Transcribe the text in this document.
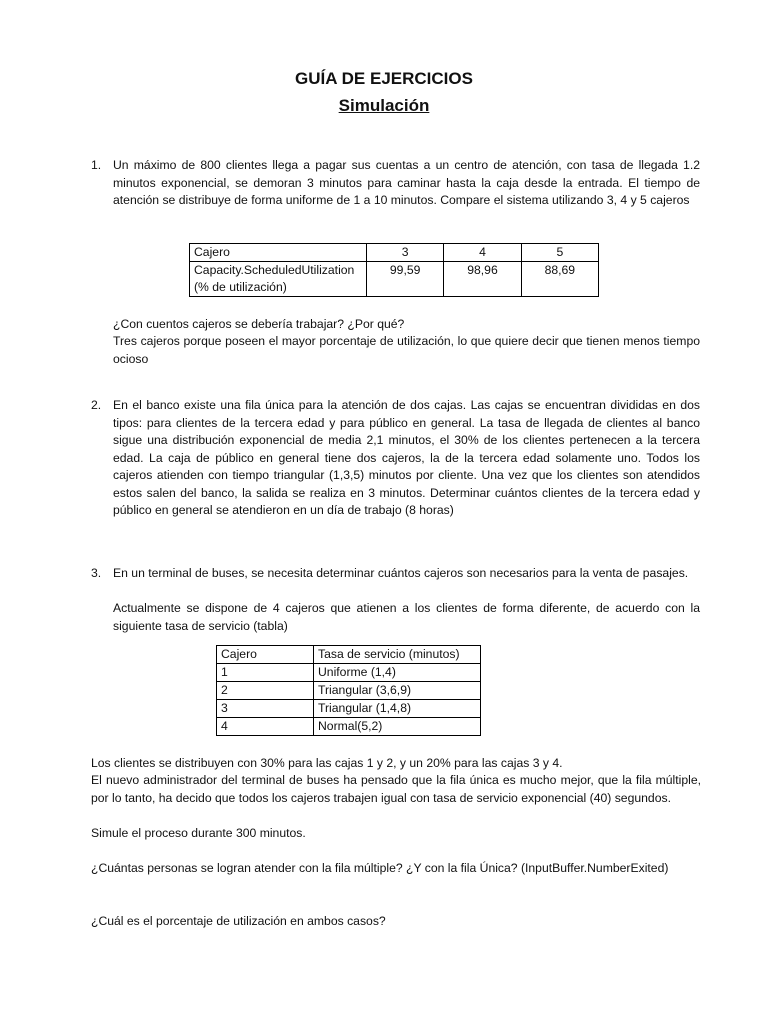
GUÍA DE EJERCICIOS
Simulación
1. Un máximo de 800 clientes llega a pagar sus cuentas a un centro de atención, con tasa de llegada 1.2 minutos exponencial, se demoran 3 minutos para caminar hasta la caja desde la entrada. El tiempo de atención se distribuye de forma uniforme de 1 a 10 minutos. Compare el sistema utilizando 3, 4 y 5 cajeros
Cajero	3	4	5

Capacity.ScheduledUtilization
(% de utilización)	99,59	98,96	88,69
¿Con cuentos cajeros se debería trabajar? ¿Por qué?
Tres cajeros porque poseen el mayor porcentaje de utilización, lo que quiere decir que tienen menos tiempo ocioso
2. En el banco existe una fila única para la atención de dos cajas. Las cajas se encuentran divididas en dos tipos: para clientes de la tercera edad y para público en general. La tasa de llegada de clientes al banco sigue una distribución exponencial de media 2,1 minutos, el 30% de los clientes pertenecen a la tercera edad. La caja de público en general tiene dos cajeros, la de la tercera edad solamente uno. Todos los cajeros atienden con tiempo triangular (1,3,5) minutos por cliente. Una vez que los clientes son atendidos estos salen del banco, la salida se realiza en 3 minutos. Determinar cuántos clientes de la tercera edad y público en general se atendieron en un día de trabajo (8 horas)
3. En un terminal de buses, se necesita determinar cuántos cajeros son necesarios para la venta de pasajes.
Actualmente se dispone de 4 cajeros que atienen a los clientes de forma diferente, de acuerdo con la siguiente tasa de servicio (tabla)
Cajero	Tasa de servicio (minutos)
1	Uniforme (1,4)
2	Triangular (3,6,9)
3	Triangular (1,4,8)
4	Normal(5,2)
Los clientes se distribuyen con 30% para las cajas 1 y 2, y un 20% para las cajas 3 y 4.
El nuevo administrador del terminal de buses ha pensado que la fila única es mucho mejor, que la fila múltiple, por lo tanto, ha decido que todos los cajeros trabajen igual con tasa de servicio exponencial (40) segundos.
Simule el proceso durante 300 minutos.
¿Cuántas personas se logran atender con la fila múltiple? ¿Y con la fila Única? (InputBuffer.NumberExited)
¿Cuál es el porcentaje de utilización en ambos casos?
